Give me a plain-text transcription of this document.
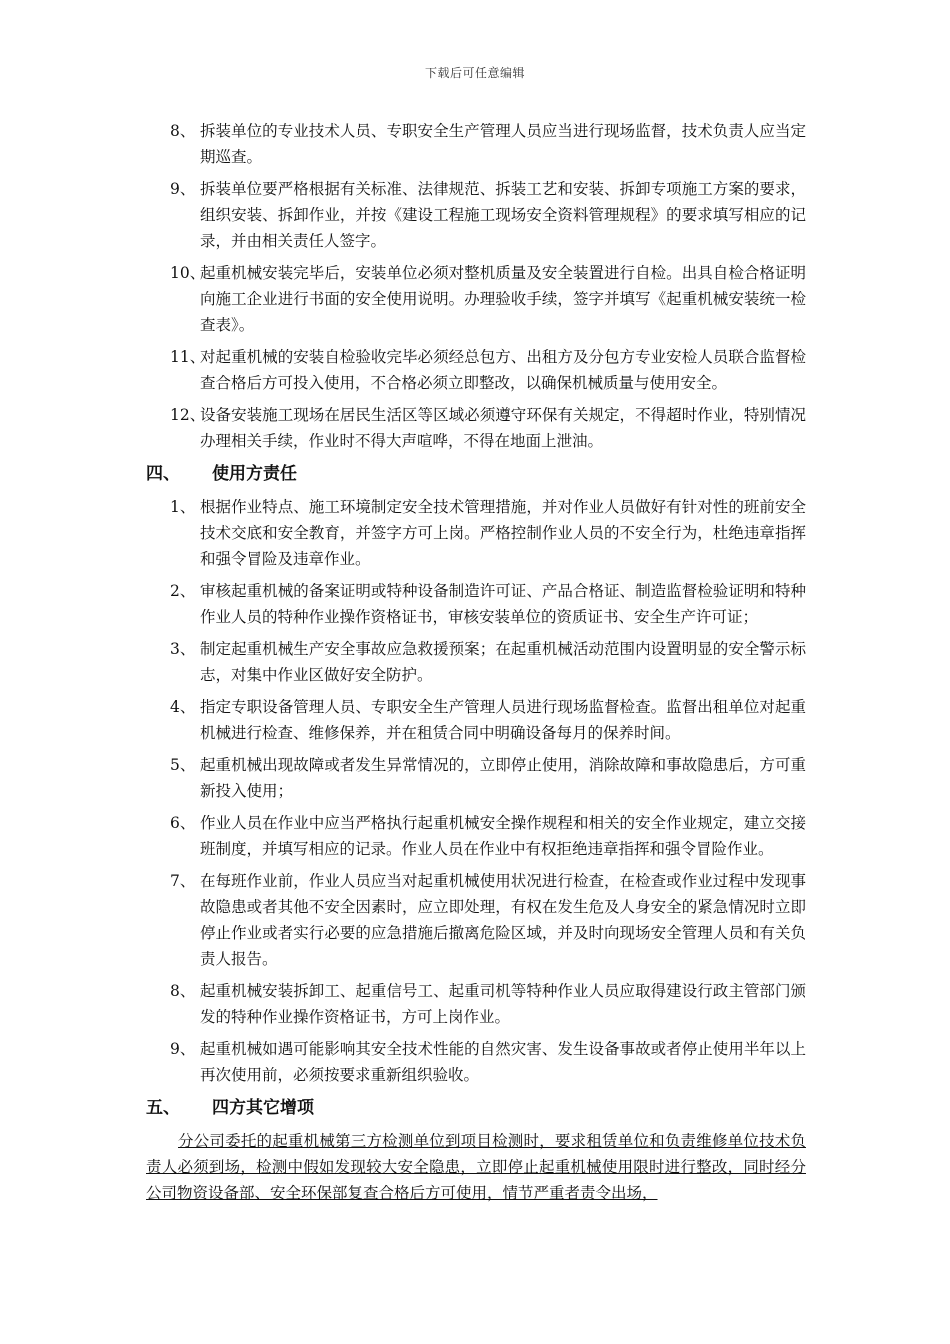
下载后可任意编辑
8、 拆装单位的专业技术人员、专职安全生产管理人员应当进行现场监督，技术负责人应当定期巡查。
9、 拆装单位要严格根据有关标准、法律规范、拆装工艺和安装、拆卸专项施工方案的要求，组织安装、拆卸作业，并按《建设工程施工现场安全资料管理规程》的要求填写相应的记录，并由相关责任人签字。
10、
起重机械安装完毕后，安装单位必须对整机质量及安全装置进行自检。出具自检合格证明向施工企业进行书面的安全使用说明。办理验收手续，签字并填写《起重机械安装统一检查表》。
11、
对起重机械的安装自检验收完毕必须经总包方、出租方及分包方专业安检人员联合监督检查合格后方可投入使用，不合格必须立即整改，以确保机械质量与使用安全。
12、
设备安装施工现场在居民生活区等区域必须遵守环保有关规定，不得超时作业，特别情况办理相关手续，作业时不得大声喧哗，不得在地面上泄油。
四、 使用方责任
1、 根据作业特点、施工环境制定安全技术管理措施，并对作业人员做好有针对性的班前安全技术交底和安全教育，并签字方可上岗。严格控制作业人员的不安全行为，杜绝违章指挥和强令冒险及违章作业。
2、 审核起重机械的备案证明或特种设备制造许可证、产品合格证、制造监督检验证明和特种作业人员的特种作业操作资格证书，审核安装单位的资质证书、安全生产许可证；
3、 制定起重机械生产安全事故应急救援预案；在起重机械活动范围内设置明显的安全警示标志，对集中作业区做好安全防护。
4、 指定专职设备管理人员、专职安全生产管理人员进行现场监督检查。监督出租单位对起重机械进行检查、维修保养，并在租赁合同中明确设备每月的保养时间。
5、 起重机械出现故障或者发生异常情况的，立即停止使用，消除故障和事故隐患后，方可重新投入使用；
6、 作业人员在作业中应当严格执行起重机械安全操作规程和相关的安全作业规定，建立交接班制度，并填写相应的记录。作业人员在作业中有权拒绝违章指挥和强令冒险作业。
7、 在每班作业前，作业人员应当对起重机械使用状况进行检查，在检查或作业过程中发现事故隐患或者其他不安全因素时，应立即处理，有权在发生危及人身安全的紧急情况时立即停止作业或者实行必要的应急措施后撤离危险区域，并及时向现场安全管理人员和有关负责人报告。
8、 起重机械安装拆卸工、起重信号工、起重司机等特种作业人员应取得建设行政主管部门颁发的特种作业操作资格证书，方可上岗作业。
9、 起重机械如遇可能影响其安全技术性能的自然灾害、发生设备事故或者停止使用半年以上再次使用前，必须按要求重新组织验收。
五、 四方其它增项
分公司委托的起重机械第三方检测单位到项目检测时，要求租赁单位和负责维修单位技术负责人必须到场，检测中假如发现较大安全隐患，立即停止起重机械使用限时进行整改，同时经分公司物资设备部、安全环保部复查合格后方可使用，情节严重者责令出场，
